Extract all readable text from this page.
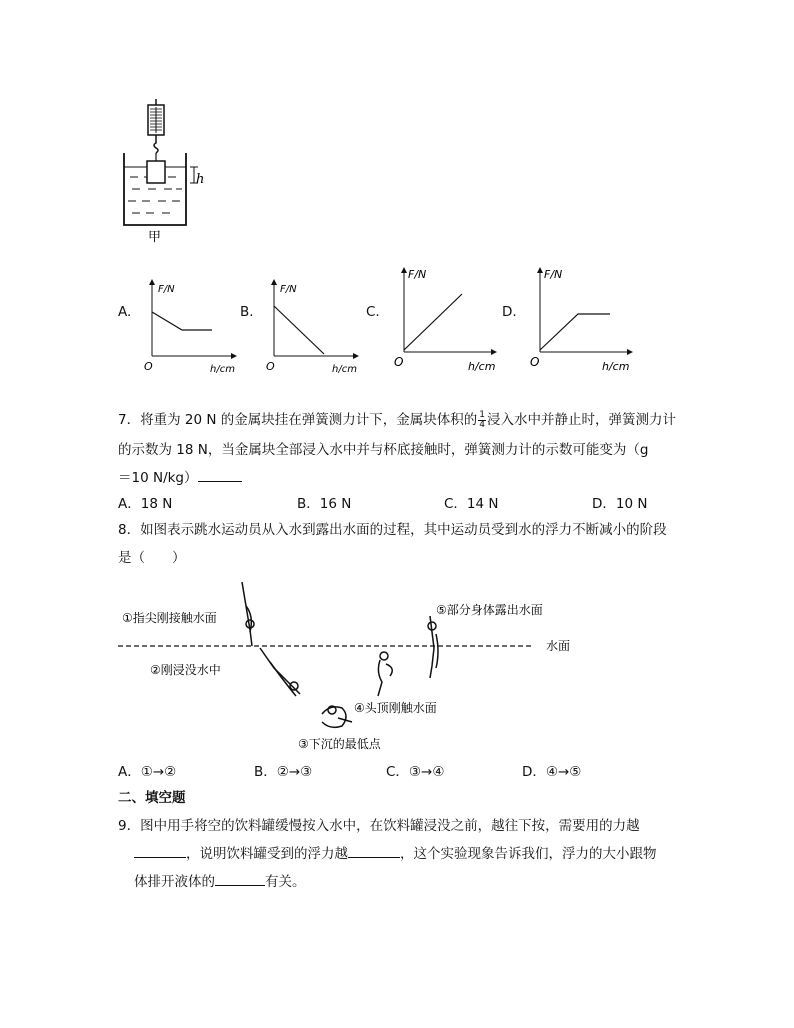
h
甲
A.
F/N
O	h/cm
B.
F/N
O	h/cm
C.
F/N
O	h/cm
D.
F/N
O	h/cm
7．将重为 20 N 的金属块挂在弹簧测力计下，金属块体积的 $\frac{1}{4}$ 浸入水中并静止时，弹簧测力计
的示数为 18 N，当金属块全部浸入水中并与杯底接触时，弹簧测力计的示数可能变为（g
＝10 N/kg）
A．18 N	B．16 N	C．14 N	D．10 N
8．如图表示跳水运动员从入水到露出水面的过程，其中运动员受到水的浮力不断减小的阶段
是（　　）
①指尖刚接触水面
②刚浸没水中
③下沉的最低点
④头顶刚触水面
⑤部分身体露出水面
水面
A．①→②	B．②→③	C．③→④	D．④→⑤
二、填空题
9．图中用手将空的饮料罐缓慢按入水中，在饮料罐浸没之前，越往下按，需要用的力越
，说明饮料罐受到的浮力越	，这个实验现象告诉我们，浮力的大小跟物
体排开液体的	有关。
